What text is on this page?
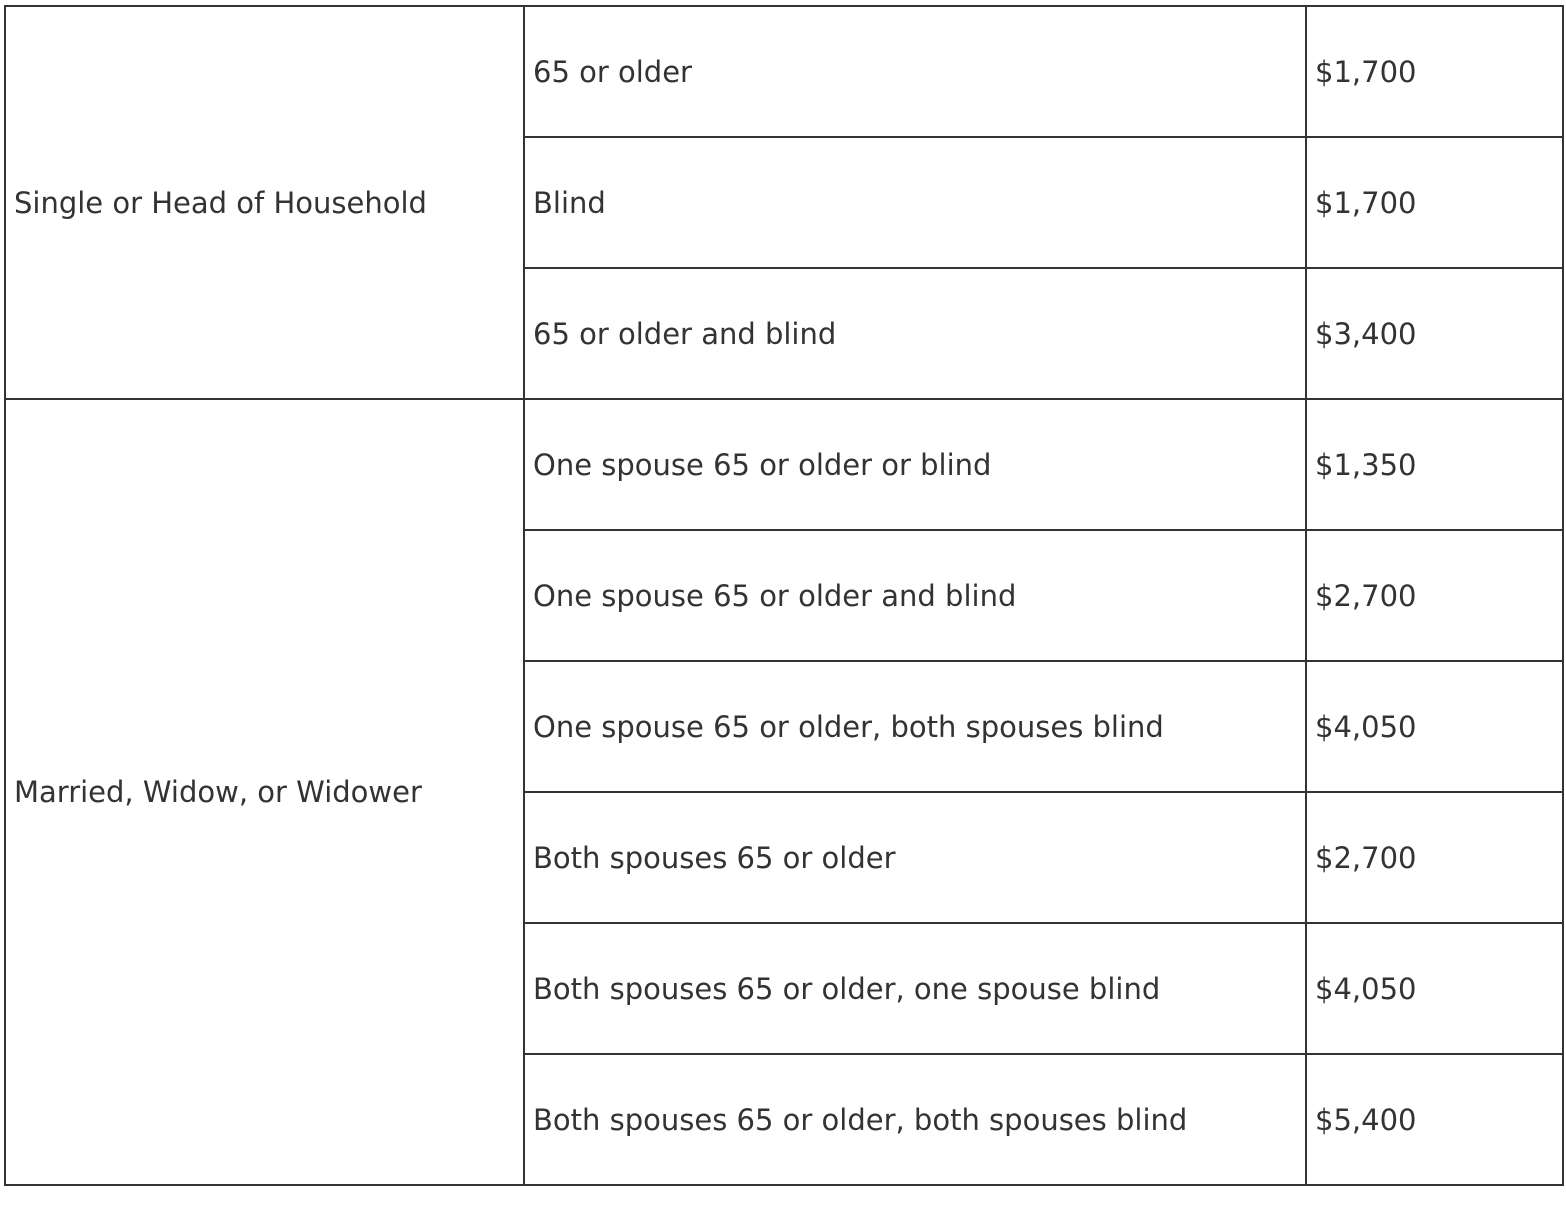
Single or Head of Household	65 or older	$1,700
	Blind	$1,700
	65 or older and blind	$3,400
Married, Widow, or Widower	One spouse 65 or older or blind	$1,350
	One spouse 65 or older and blind	$2,700
	One spouse 65 or older, both spouses blind	$4,050
	Both spouses 65 or older	$2,700
	Both spouses 65 or older, one spouse blind	$4,050
	Both spouses 65 or older, both spouses blind	$5,400
